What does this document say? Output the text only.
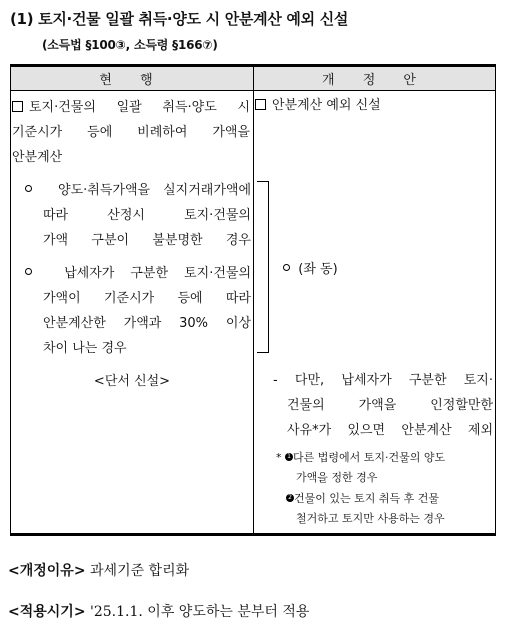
(1) 토지·건물 일괄 취득·양도 시 안분계산 예외 신설
(소득법 §100③, 소득령 §166⑦)
현 행	개 정 안
토지·건물의 일괄 취득·양도 시
기준시가 등에 비례하여 가액을
안분계산
양도·취득가액을 실지거래가액에
따라 산정시 토지·건물의
가액 구분이 불분명한 경우
납세자가 구분한 토지·건물의
가액이 기준시가 등에 따라
안분계산한 가액과 30% 이상
차이 나는 경우
<단서 신설>
안분계산 예외 신설
(좌 동)
- 다만, 납세자가 구분한 토지·
건물의 가액을 인정할만한
사유*가 있으면 안분계산 제외
* 1 다른 법령에서 토지·건물의 양도
가액을 정한 경우
2 건물이 있는 토지 취득 후 건물
철거하고 토지만 사용하는 경우
<개정이유> 과세기준 합리화
<적용시기> '25.1.1. 이후 양도하는 분부터 적용
